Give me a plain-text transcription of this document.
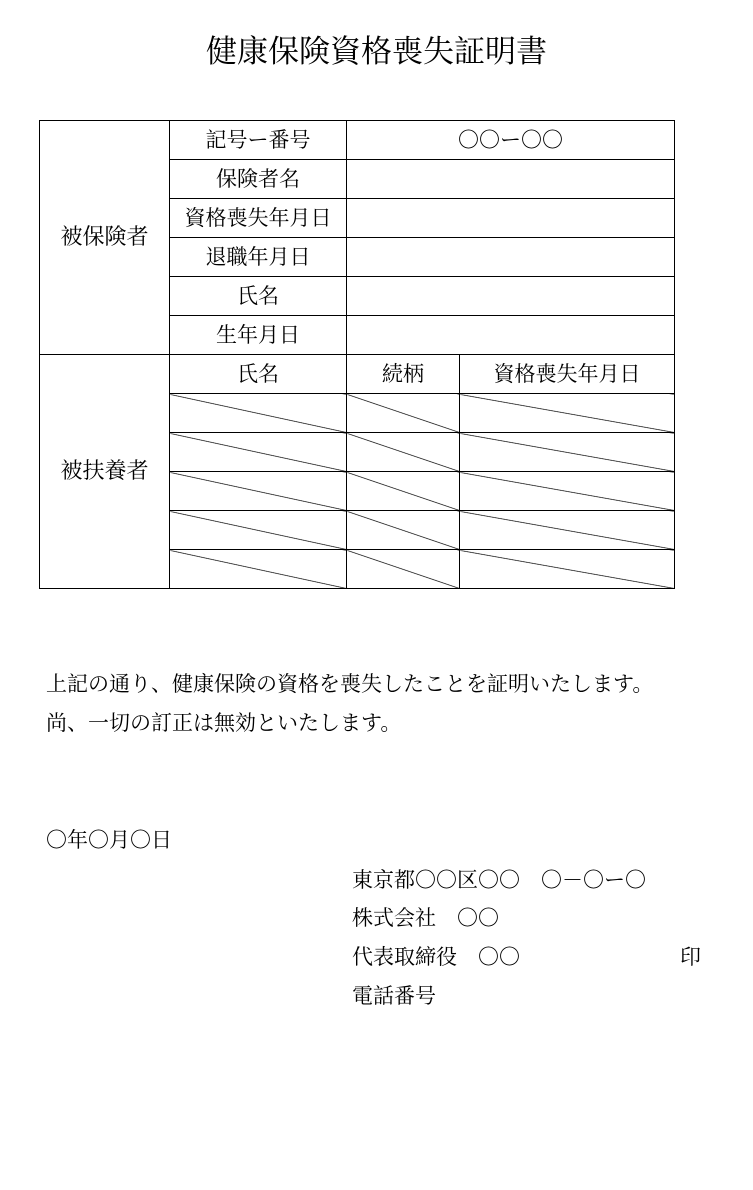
健康保険資格喪失証明書
被保険者	記号ー番号	〇〇ー〇〇	
	保険者名		
	資格喪失年月日		
	退職年月日		
	氏名		
	生年月日		
被扶養者	氏名	続柄	資格喪失年月日

上記の通り、健康保険の資格を喪失したことを証明いたします。
尚、一切の訂正は無効といたします。
〇年〇月〇日
東京都〇〇区〇〇　〇－〇ー〇
株式会社　〇〇
代表取締役　〇〇	印
電話番号
